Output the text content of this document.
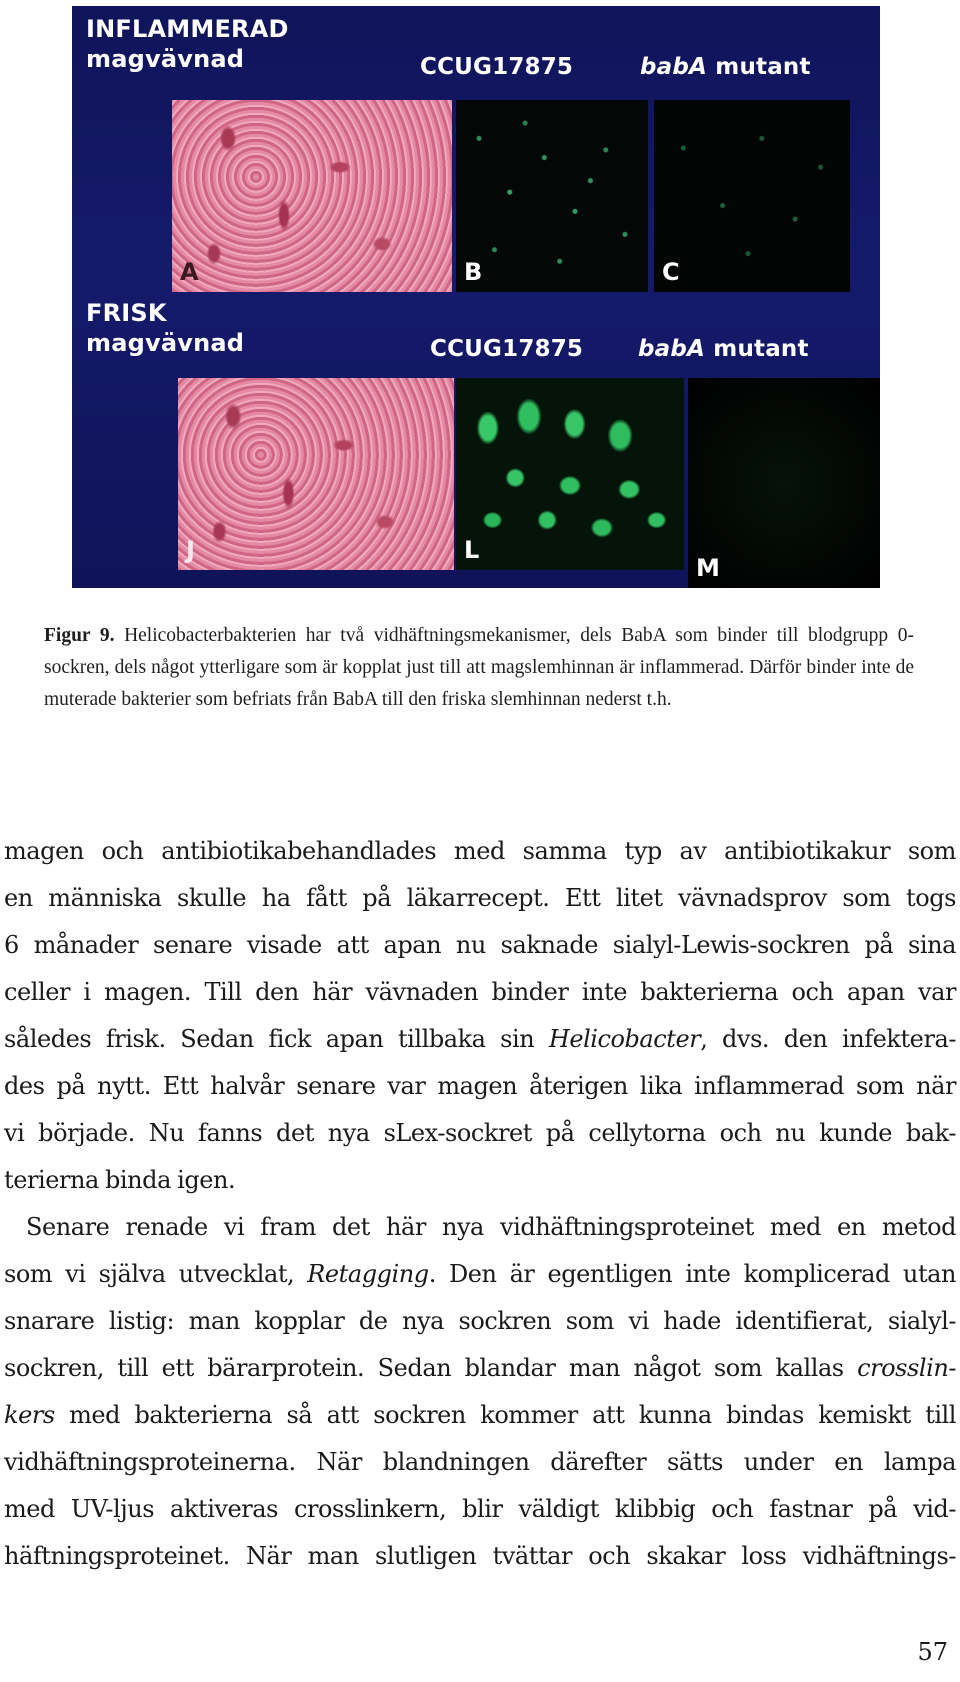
INFLAMMERAD
magvävnad	CCUG17875	babA mutant
A	B	C
FRISK
magvävnad	CCUG17875 babA mutant
J	L
M
Figur 9. Helicobacterbakterien har två vidhäftningsmekanismer, dels BabA som binder till blodgrupp 0-sockren, dels något ytterligare som är kopplat just till att magslemhinnan är inflammerad. Därför binder inte de muterade bakterier som befriats från BabA till den friska slemhinnan nederst t.h.

magen och antibiotikabehandlades med samma typ av antibiotikakur som
en människa skulle ha fått på läkarrecept. Ett litet vävnadsprov som togs
6 månader senare visade att apan nu saknade sialyl-Lewis-sockren på sina
celler i magen. Till den här vävnaden binder inte bakterierna och apan var
således frisk. Sedan fick apan tillbaka sin Helicobacter, dvs. den infektera-
des på nytt. Ett halvår senare var magen återigen lika inflammerad som när
vi började. Nu fanns det nya sLex-sockret på cellytorna och nu kunde bak-
terierna binda igen.

Senare renade vi fram det här nya vidhäftningsproteinet med en metod
som vi själva utvecklat, Retagging. Den är egentligen inte komplicerad utan
snarare listig: man kopplar de nya sockren som vi hade identifierat, sialyl-
sockren, till ett bärarprotein. Sedan blandar man något som kallas crosslin-
kers med bakterierna så att sockren kommer att kunna bindas kemiskt till
vidhäftningsproteinerna. När blandningen därefter sätts under en lampa
med UV-ljus aktiveras crosslinkern, blir väldigt klibbig och fastnar på vid-
häftningsproteinet. När man slutligen tvättar och skakar loss vidhäftnings-

57
